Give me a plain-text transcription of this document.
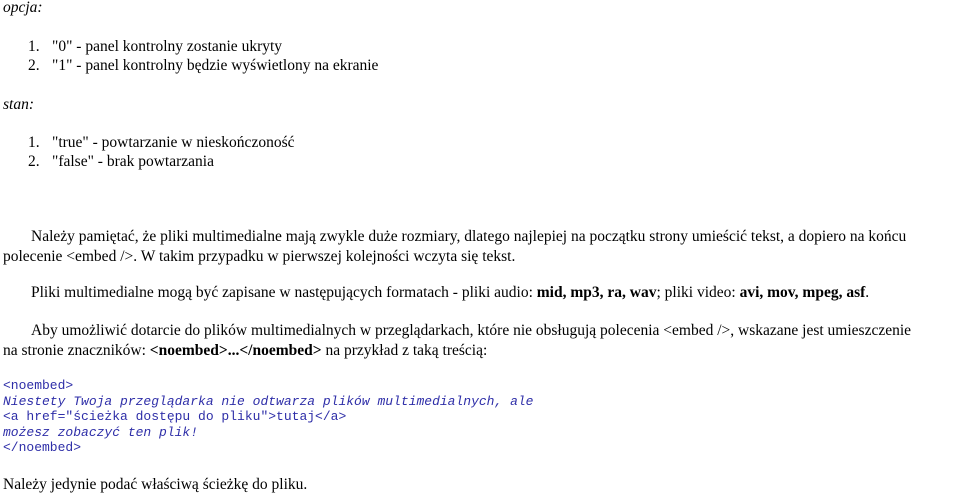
opcja:
1. "0" - panel kontrolny zostanie ukryty
2. "1" - panel kontrolny będzie wyświetlony na ekranie
stan:
1. "true" - powtarzanie w nieskończoność
2. "false" - brak powtarzania
Należy pamiętać, że pliki multimedialne mają zwykle duże rozmiary, dlatego najlepiej na początku strony umieścić tekst, a dopiero na końcu
polecenie <embed />. W takim przypadku w pierwszej kolejności wczyta się tekst.
Pliki multimedialne mogą być zapisane w następujących formatach - pliki audio: mid, mp3, ra, wav; pliki video: avi, mov, mpeg, asf.
Aby umożliwić dotarcie do plików multimedialnych w przeglądarkach, które nie obsługują polecenia <embed />, wskazane jest umieszczenie
na stronie znaczników: <noembed>...</noembed> na przykład z taką treścią:
<noembed>
Niestety Twoja przeglądarka nie odtwarza plików multimedialnych, ale
<a href="ścieżka dostępu do pliku">tutaj</a>
możesz zobaczyć ten plik!
</noembed>
Należy jedynie podać właściwą ścieżkę do pliku.
